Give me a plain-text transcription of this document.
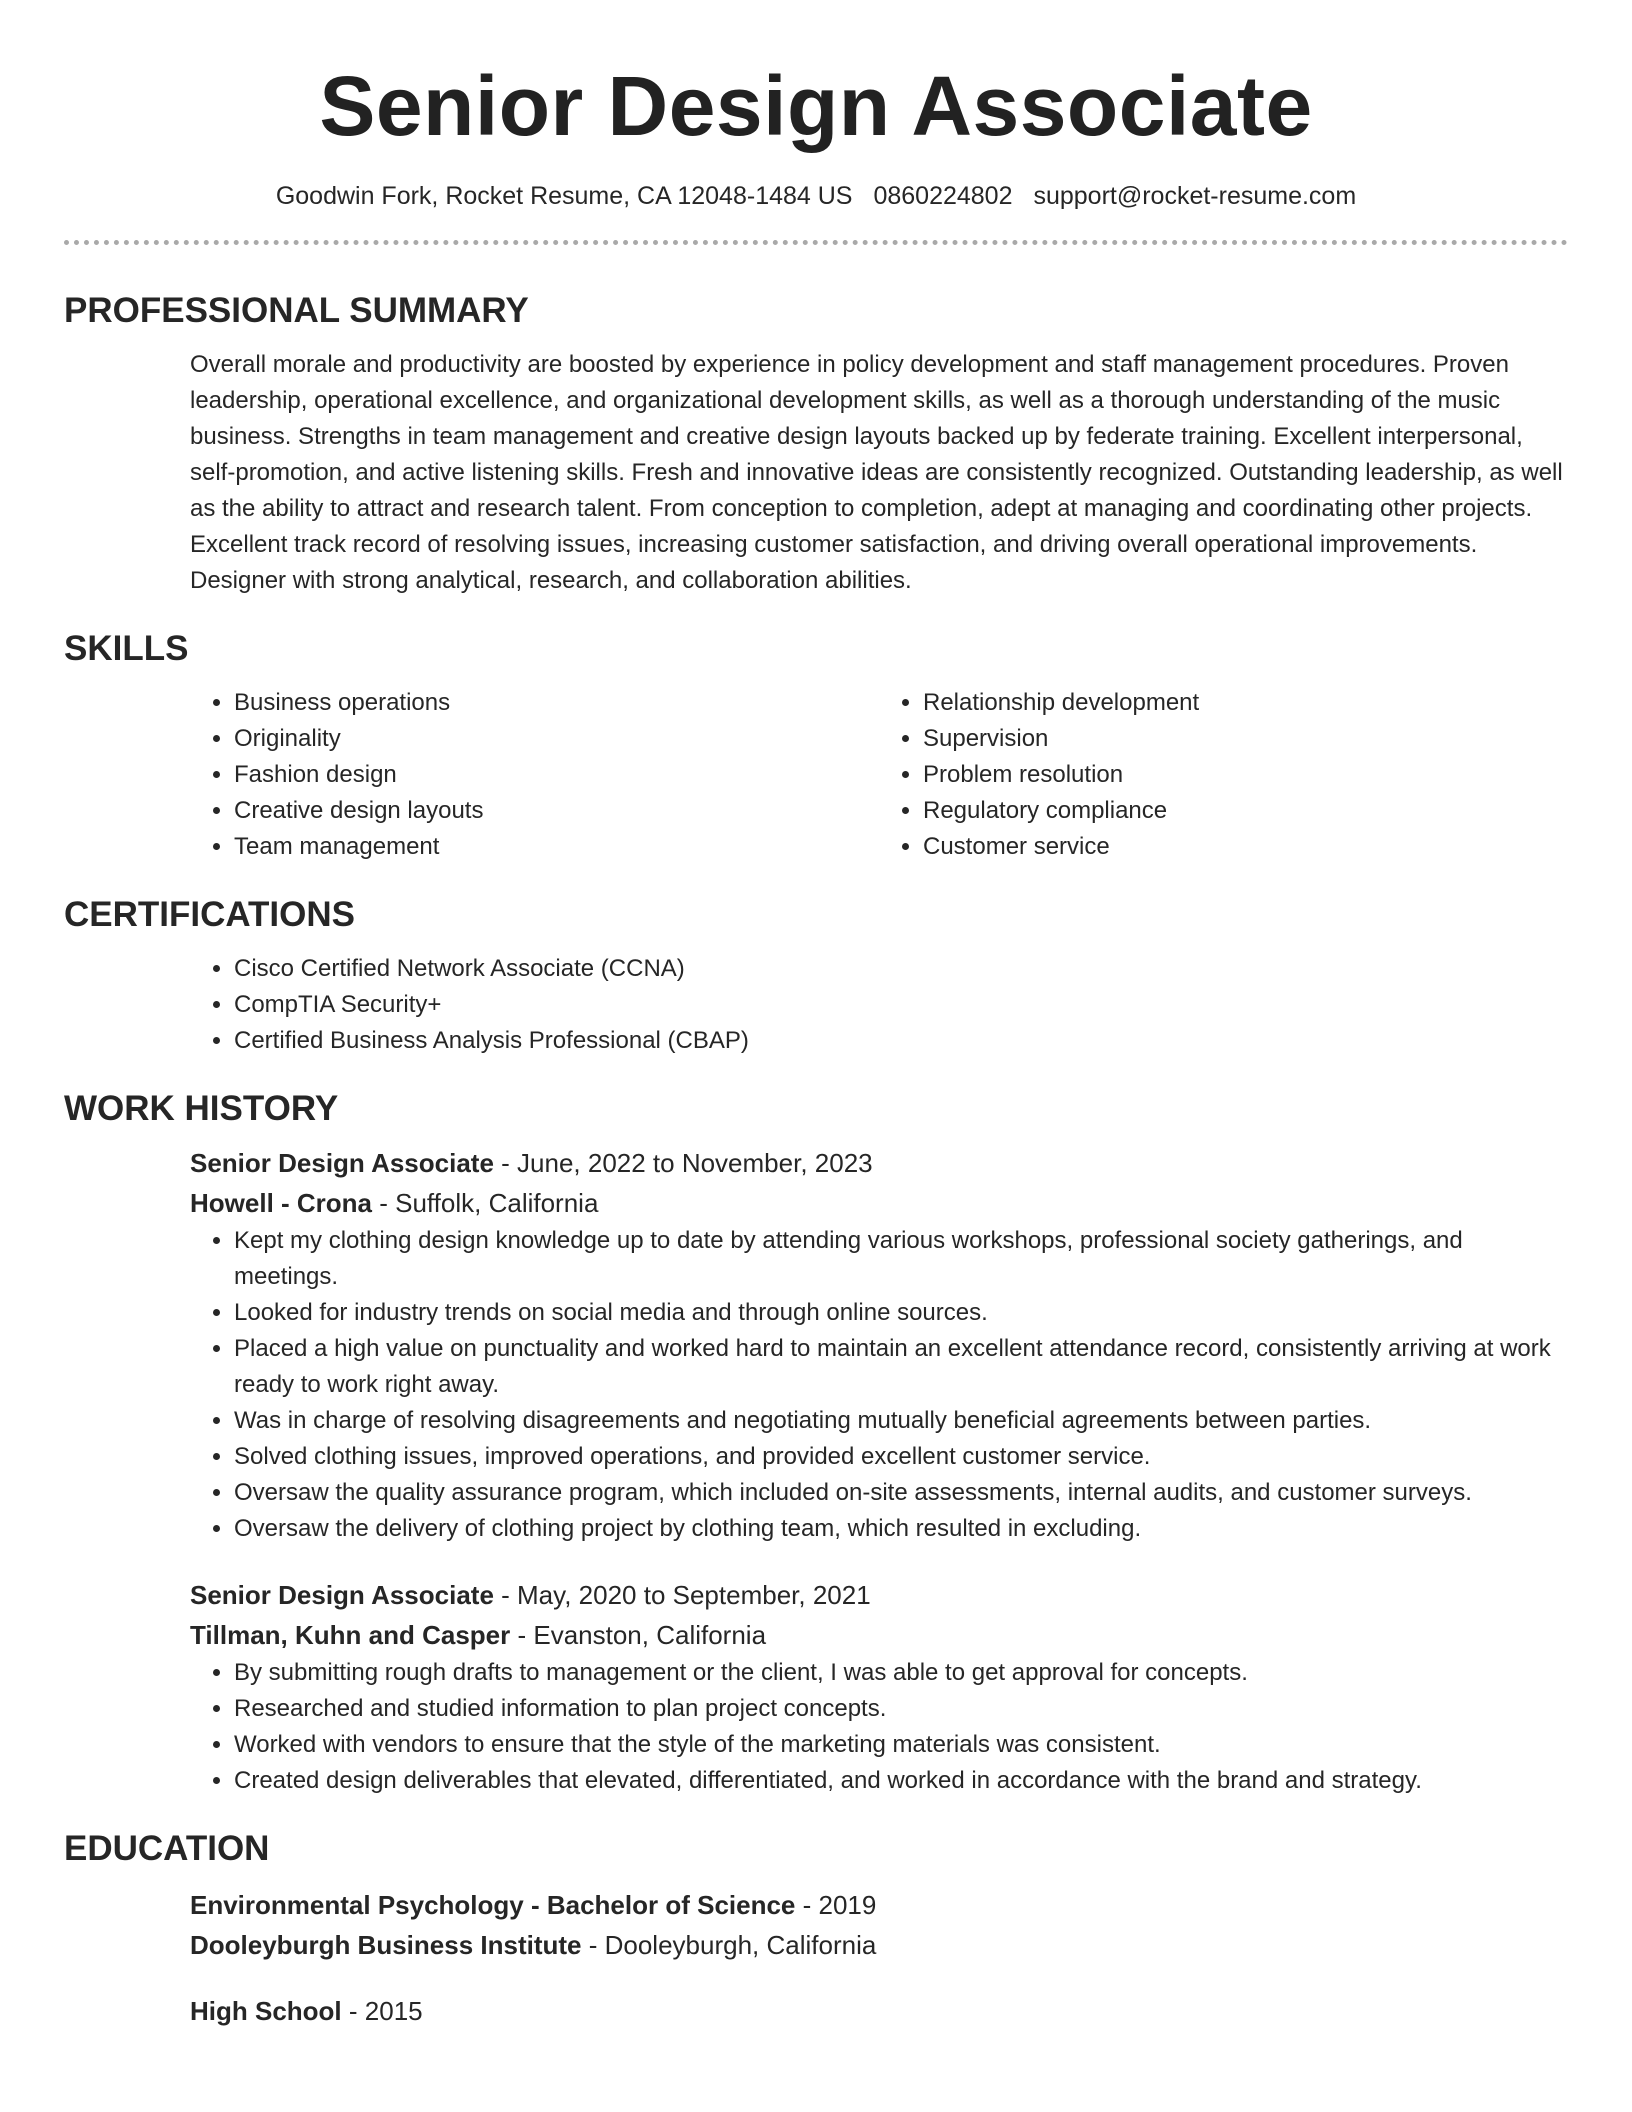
Senior Design Associate
Goodwin Fork, Rocket Resume, CA 12048-1484 US 0860224802 support@rocket-resume.com
PROFESSIONAL SUMMARY

Overall morale and productivity are boosted by experience in policy development and staff management procedures. Proven leadership, operational excellence, and organizational development skills, as well as a thorough understanding of the music business. Strengths in team management and creative design layouts backed up by federate training. Excellent interpersonal, self-promotion, and active listening skills. Fresh and innovative ideas are consistently recognized. Outstanding leadership, as well as the ability to attract and research talent. From conception to completion, adept at managing and coordinating other projects. Excellent track record of resolving issues, increasing customer satisfaction, and driving overall operational improvements. Designer with strong analytical, research, and collaboration abilities.

SKILLS
• Business operations
• Originality
• Fashion design
• Creative design layouts
• Team management
• Relationship development
• Supervision
• Problem resolution
• Regulatory compliance
• Customer service
CERTIFICATIONS
• Cisco Certified Network Associate (CCNA)
• CompTIA Security+
• Certified Business Analysis Professional (CBAP)
WORK HISTORY
Senior Design Associate - June, 2022 to November, 2023
Howell - Crona - Suffolk, California
• Kept my clothing design knowledge up to date by attending various workshops, professional society gatherings, and meetings.
• Looked for industry trends on social media and through online sources.
• Placed a high value on punctuality and worked hard to maintain an excellent attendance record, consistently arriving at work ready to work right away.
• Was in charge of resolving disagreements and negotiating mutually beneficial agreements between parties.
• Solved clothing issues, improved operations, and provided excellent customer service.
• Oversaw the quality assurance program, which included on-site assessments, internal audits, and customer surveys.
• Oversaw the delivery of clothing project by clothing team, which resulted in excluding.
Senior Design Associate - May, 2020 to September, 2021
Tillman, Kuhn and Casper - Evanston, California
• By submitting rough drafts to management or the client, I was able to get approval for concepts.
• Researched and studied information to plan project concepts.
• Worked with vendors to ensure that the style of the marketing materials was consistent.
• Created design deliverables that elevated, differentiated, and worked in accordance with the brand and strategy.
EDUCATION
Environmental Psychology - Bachelor of Science - 2019
Dooleyburgh Business Institute - Dooleyburgh, California
High School - 2015
